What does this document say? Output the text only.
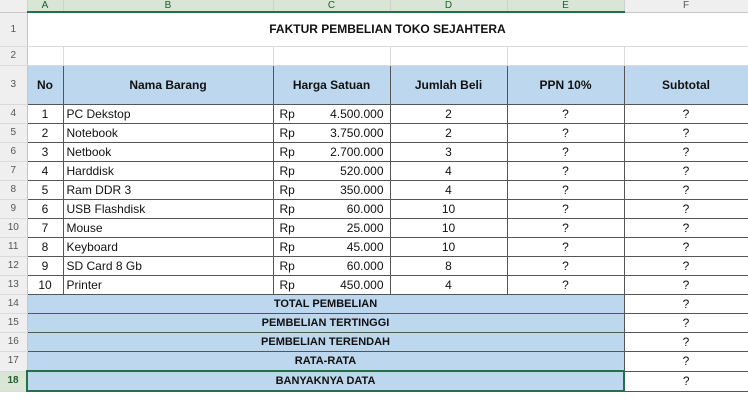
	A	B	C	D	E	F
1	FAKTUR PEMBELIAN TOKO SEJAHTERA					
2						
3	No	Nama Barang	Harga Satuan	Jumlah Beli	PPN 10%	Subtotal
4	1	PC Dekstop	Rp 4.500.000	2	?	?
5	2	Notebook	Rp 3.750.000	2	?	?
6	3	Netbook	Rp 2.700.000	3	?	?
7	4	Harddisk	Rp 520.000	4	?	?
8	5	Ram DDR 3	Rp 350.000	4	?	?
9	6	USB Flashdisk	Rp 60.000	10	?	?
10	7	Mouse	Rp 25.000	10	?	?
11	8	Keyboard	Rp 45.000	10	?	?
12	9	SD Card 8 Gb	Rp 60.000	8	?	?
13	10	Printer	Rp 450.000	4	?	?
14	TOTAL PEMBELIAN					?
15	PEMBELIAN TERTINGGI					?
16	PEMBELIAN TERENDAH					?
17	RATA-RATA					?
18	BANYAKNYA DATA					?
